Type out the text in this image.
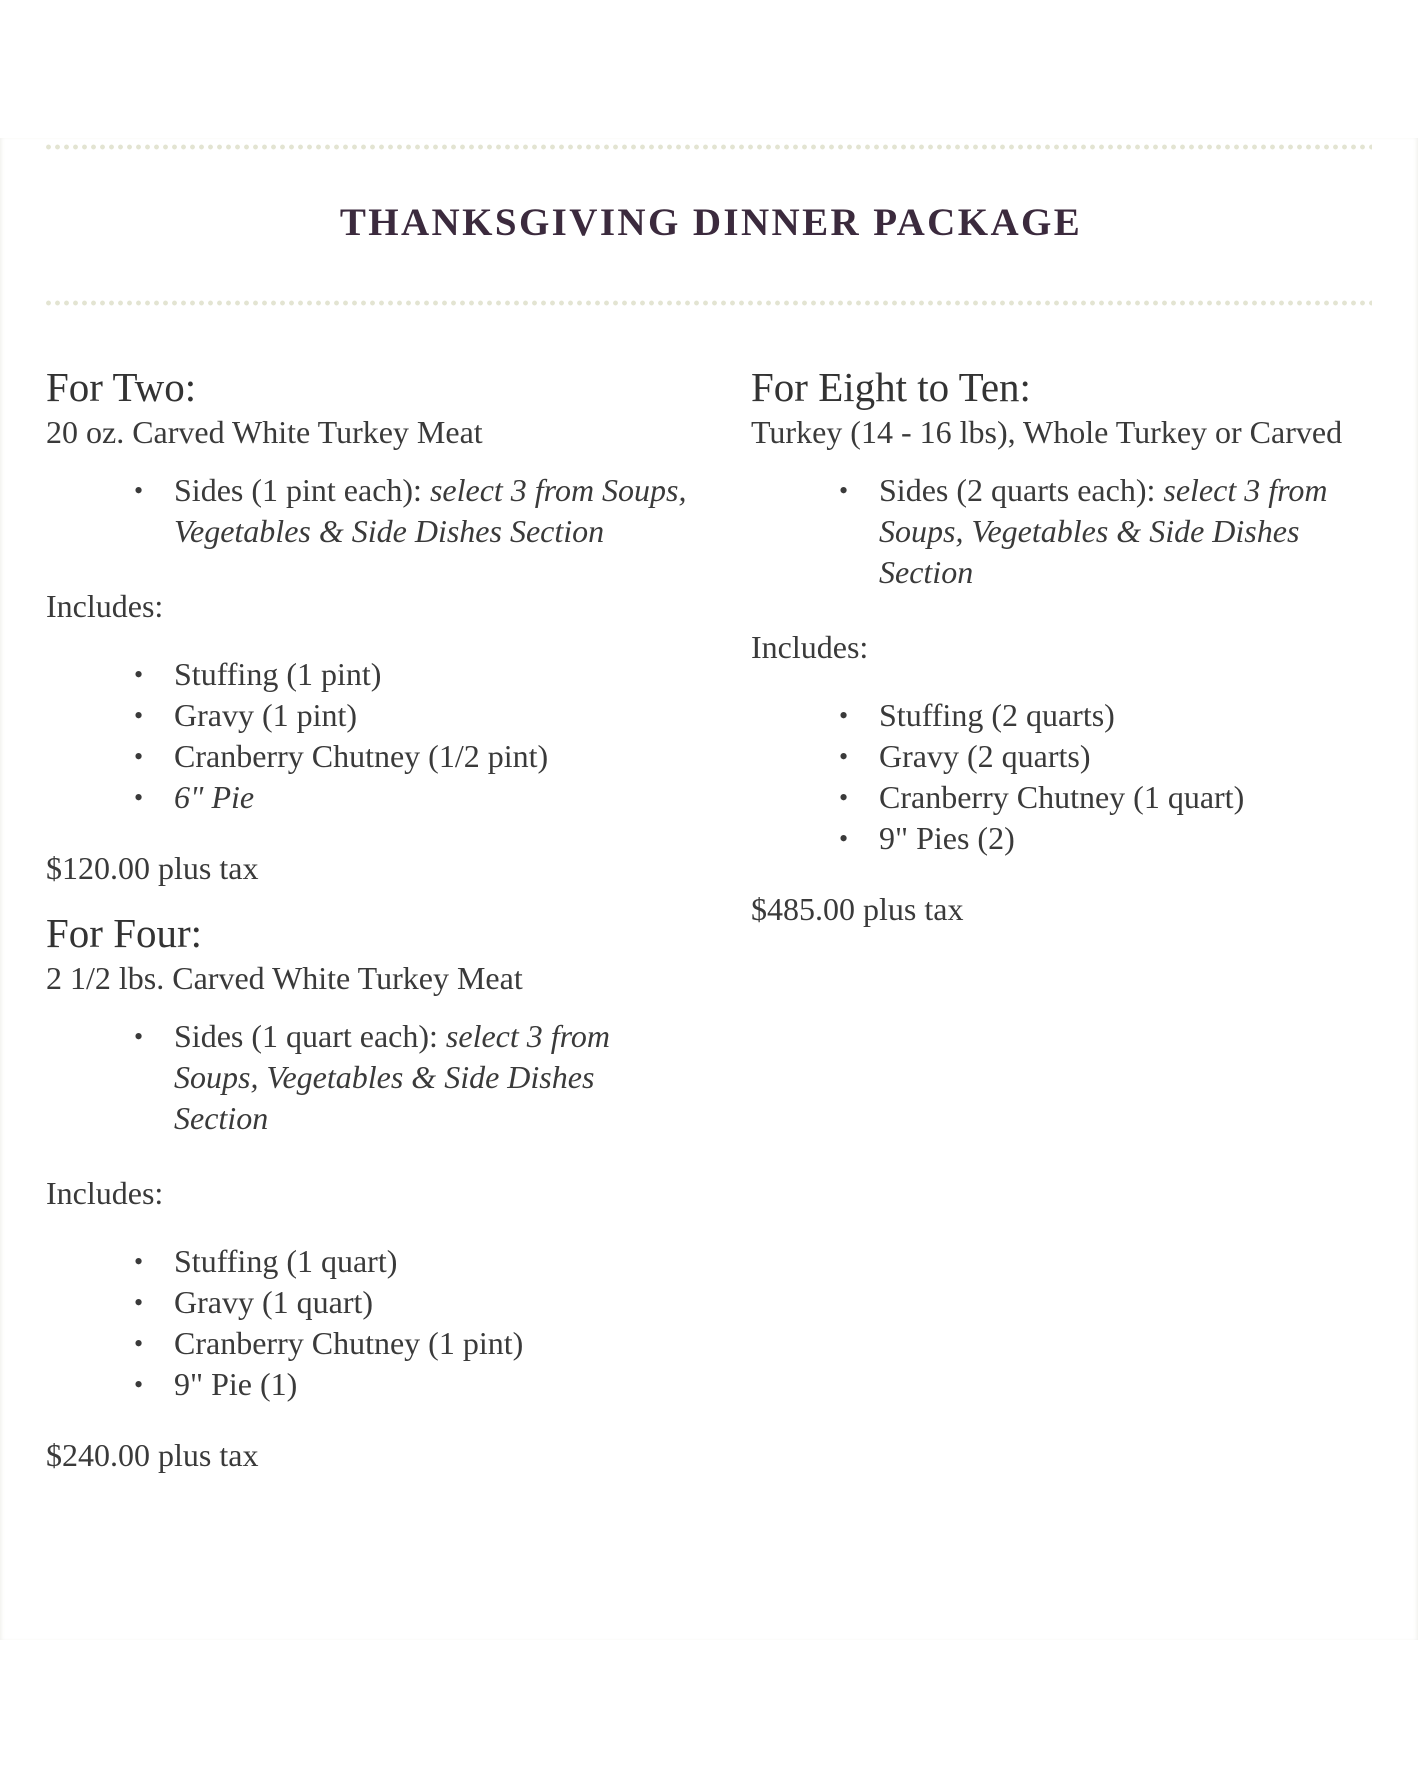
THANKSGIVING DINNER PACKAGE
For Two:

20 oz. Carved White Turkey Meat

• Sides (1 pint each): select 3 from Soups, Vegetables & Side Dishes Section

Includes:

• Stuffing (1 pint)
• Gravy (1 pint)
• Cranberry Chutney (1/2 pint)
• 6" Pie

$120.00 plus tax

For Four:

2 1/2 lbs. Carved White Turkey Meat

• Sides (1 quart each): select 3 from Soups, Vegetables & Side Dishes Section

Includes:

• Stuffing (1 quart)
• Gravy (1 quart)
• Cranberry Chutney (1 pint)
• 9" Pie (1)

$240.00 plus tax

For Eight to Ten:

Turkey (14 - 16 lbs), Whole Turkey or Carved

• Sides (2 quarts each): select 3 from Soups, Vegetables & Side Dishes Section

Includes:

• Stuffing (2 quarts)
• Gravy (2 quarts)
• Cranberry Chutney (1 quart)
• 9" Pies (2)

$485.00 plus tax
